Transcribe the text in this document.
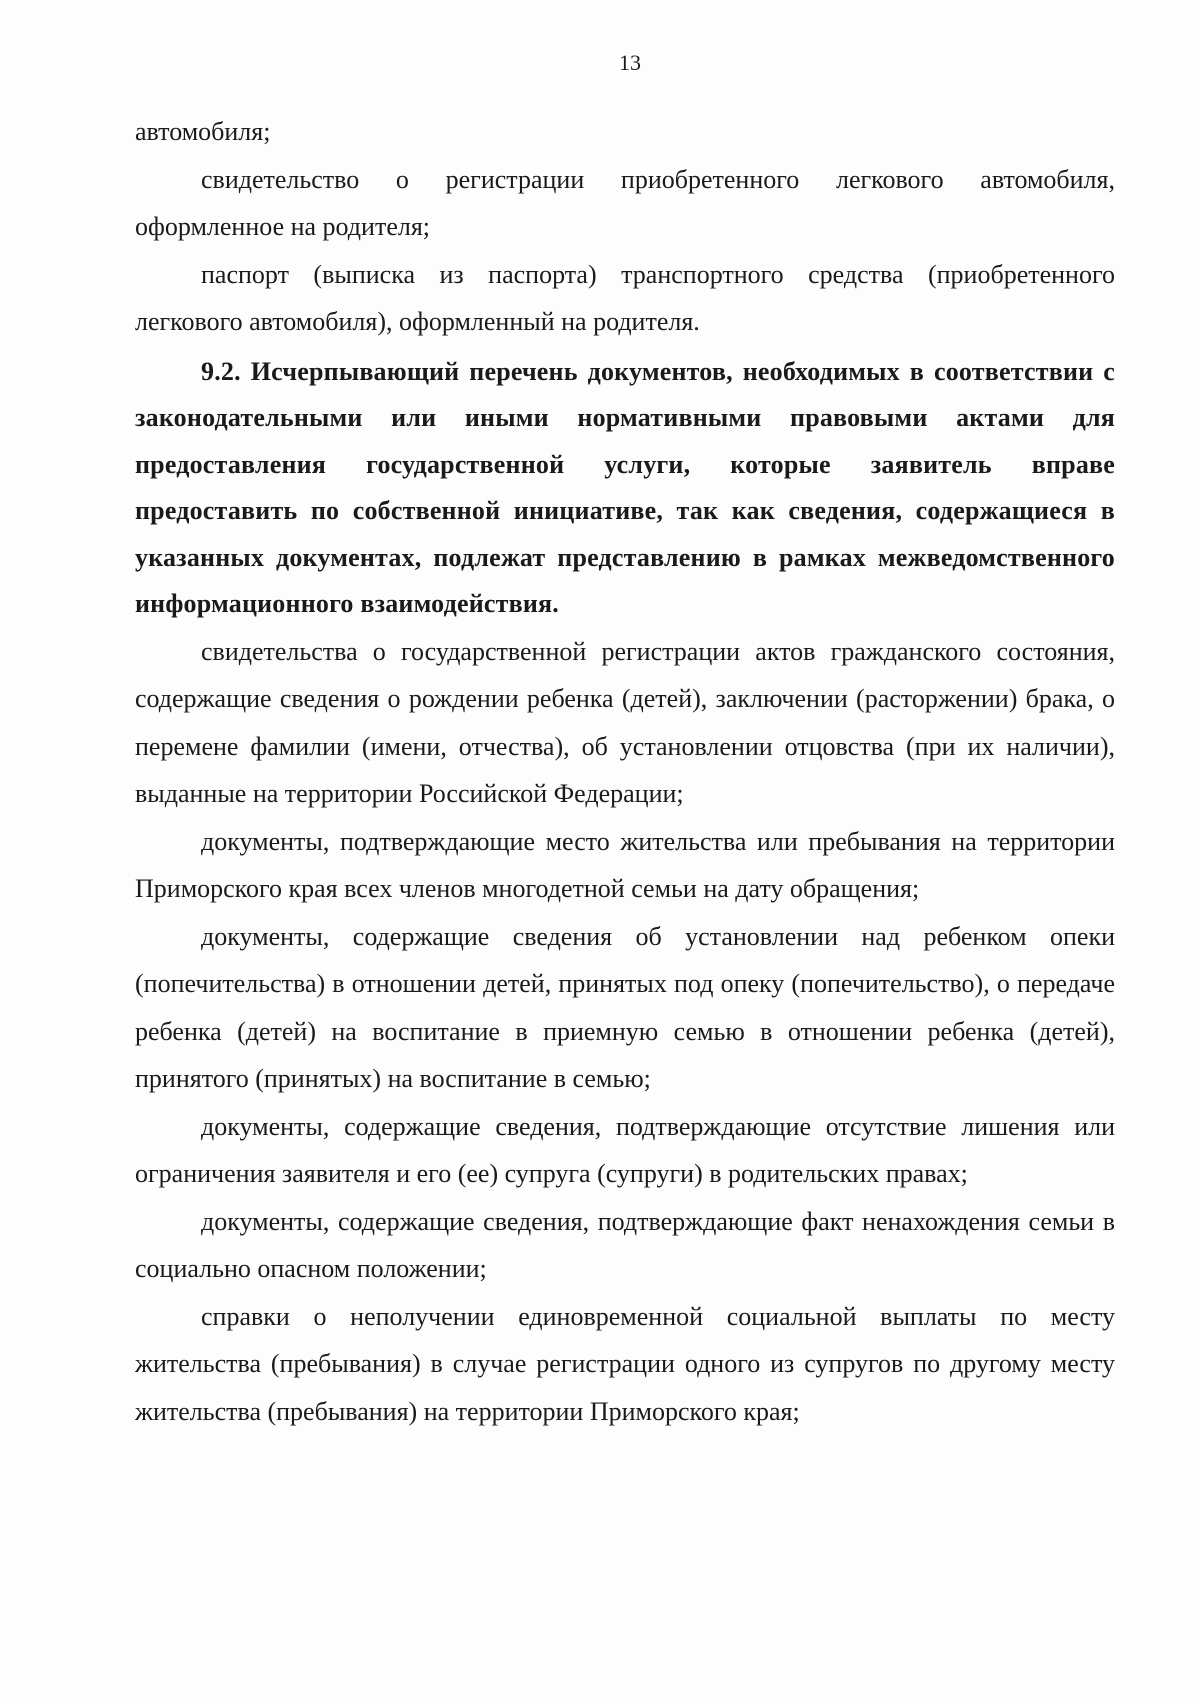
13

автомобиля;

свидетельство о регистрации приобретенного легкового автомобиля, оформленное на родителя;

паспорт (выписка из паспорта) транспортного средства (приобретенного легкового автомобиля), оформленный на родителя.

9.2. Исчерпывающий перечень документов, необходимых в соответствии с законодательными или иными нормативными правовыми актами для предоставления государственной услуги, которые заявитель вправе предоставить по собственной инициативе, так как сведения, содержащиеся в указанных документах, подлежат представлению в рамках межведомственного информационного взаимодействия.

свидетельства о государственной регистрации актов гражданского состояния, содержащие сведения о рождении ребенка (детей), заключении (расторжении) брака, о перемене фамилии (имени, отчества), об установлении отцовства (при их наличии), выданные на территории Российской Федерации;

документы, подтверждающие место жительства или пребывания на территории Приморского края всех членов многодетной семьи на дату обращения;

документы, содержащие сведения об установлении над ребенком опеки (попечительства) в отношении детей, принятых под опеку (попечительство), о передаче ребенка (детей) на воспитание в приемную семью в отношении ребенка (детей), принятого (принятых) на воспитание в семью;

документы, содержащие сведения, подтверждающие отсутствие лишения или ограничения заявителя и его (ее) супруга (супруги) в родительских правах;

документы, содержащие сведения, подтверждающие факт ненахождения семьи в социально опасном положении;

справки о неполучении единовременной социальной выплаты по месту жительства (пребывания) в случае регистрации одного из супругов по другому месту жительства (пребывания) на территории Приморского края;
